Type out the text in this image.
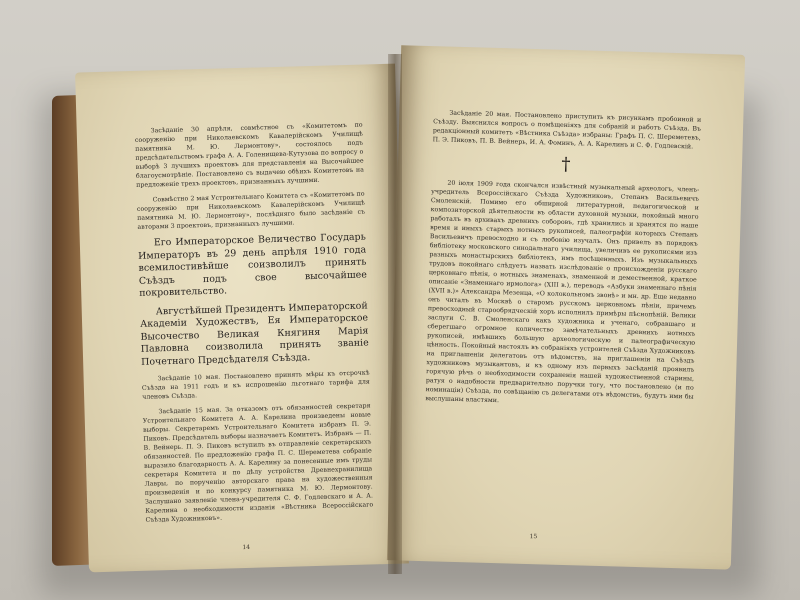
Засѣданіе 30 апрѣля, совмѣстное съ «Комитетомъ по сооруженію при Николаевскомъ Кавалерійскомъ Училищѣ памятника М. Ю. Лермонтову», состоялось подъ предсѣдательствомъ графа А. А. Голенищева-Кутузова по вопросу о выборѣ 3 лучшихъ проектовъ для представленія на Высочайшее благоусмотрѣніе. Постановлено съ выдачею обѣихъ Комитетовъ на предложеніе трехъ проектовъ, признанныхъ лучшими.

Совмѣстно 2 мая Устроительнаго Комитета съ «Комитетомъ по сооруженію при Николаевскомъ Кавалерійскомъ Училищѣ памятника М. Ю. Лермонтову», послѣдняго было засѣданіе съ авторами 3 проектовъ, признанныхъ лучшими.

Его Императорское Величество Государь Императоръ въ 29 день апрѣля 1910 года всемилостивѣйше соизволилъ принять Съѣздъ подъ свое высочайшее покровительство.

Августѣйшей Президентъ Императорской Академіи Художествъ, Ея Императорское Высочество Великая Княгиня Марія Павловна соизволила принять званіе Почетнаго Предсѣдателя Съѣзда.

Засѣданіе 10 мая. Постановлено принять мѣры къ отсрочкѣ Съѣзда на 1911 годъ и къ испрошенію льготнаго тарифа для членовъ Съѣзда.

Засѣданіе 15 мая. За отказомъ отъ обязанностей секретаря Устроительнаго Комитета А. А. Карелина произведены новые выборы. Секретаремъ Устроительнаго Комитета избранъ П. Э. Пиковъ. Предсѣдатель выборы назначаетъ Комитетъ. Избранъ — П. В. Вейнерь. П. Э. Пиковъ вступилъ въ отправленіе секретарскихъ обязанностей. По предложенію графа П. С. Шереметева собраніе выразило благодарность А. А. Карелину за понесенные имъ труды секретаря Комитета и по дѣлу устройства Древнехранилища Лавры, по порученію авторскаго права на художественныя произведенія и по конкурсу памятника М. Ю. Лермонтову. Заслушано заявленіе члена-учредителя С. Ф. Годлевскаго и А. А. Карелина о необходимости изданія «Вѣстника Всероссійскаго Съѣзда Художниковъ».

14

Засѣданіе 20 мая. Постановлено приступить къ рисункамъ пробоиной и Съѣзду. Выяснился вопросъ о помѣщеніяхъ для собраній и работъ Съѣзда. Въ редакціонный комитетъ «Вѣстника Съѣзда» избраны: Графъ П. С. Шереметевъ, П. Э. Пиковъ, П. В. Вейнерь, И. А. Фоминъ, А. А. Карелинъ и С. Ф. Годлевскій.

†

20 іюля 1909 года скончался извѣстный музыкальный археологъ, членъ-учредитель Всероссійскаго Съѣзда Художниковъ, Степанъ Васильевичъ Смоленскій. Помимо его обширной литературной, педагогической и композиторской дѣятельности въ области духовной музыки, покойный много работалъ въ архивахъ древнихъ соборовъ, гдѣ хранились и хранятся по наше время и иныхъ старыхъ нотныхъ рукописей, палеографіи которыхъ Степанъ Васильевичъ превосходно и съ любовію изучалъ. Онъ привелъ въ порядокъ библіотеку московского синодальнаго училища, увеличивъ ее рукописями изъ разныхъ монастырскихъ библіотекъ, имъ посѣщенныхъ. Изъ музыкальныхъ трудовъ покойнаго слѣдуетъ назвать изслѣдованіе о происхожденіи русскаго церковнаго пѣнія, о нотныхъ знаменахъ, знаменной и демественной, краткое описаніе «Знаменнаго ирмолога» (XIII в.), переводъ «Азбуки знаменнаго пѣнія (XVII в.)» Александра Мезенца, «О колокольномъ звонѣ» и мн. др. Еще недавно онъ читалъ въ Москвѣ о старомъ русскомъ церковномъ пѣніи, причемъ превосходный старообрядческій хоръ исполнилъ примѣры пѣснопѣній. Велики заслуги С. В. Смоленскаго какъ художника и ученаго, собравшаго и сберегшаго огромное количество замѣчательныхъ древнихъ нотныхъ рукописей, имѣвшихъ большую археологическую и палеографическую цѣнность. Покойный настоялъ въ собраніяхъ устроителей Съѣзда Художниковъ на приглашеніи делегатовъ отъ вѣдомствъ, на приглашеніи на Съѣздъ художниковъ музыкантовъ, и къ одному изъ первыхъ засѣданій проявилъ горячую рѣчь о необходимости сохраненія нашей художественной старины, ратуя о надобности предварительно поручки тогу, что постановлено (и по номинаціи) Съѣзда, по совѣщанію съ делегатами отъ вѣдомствъ, будутъ ими бы выслушаны властями.

15
